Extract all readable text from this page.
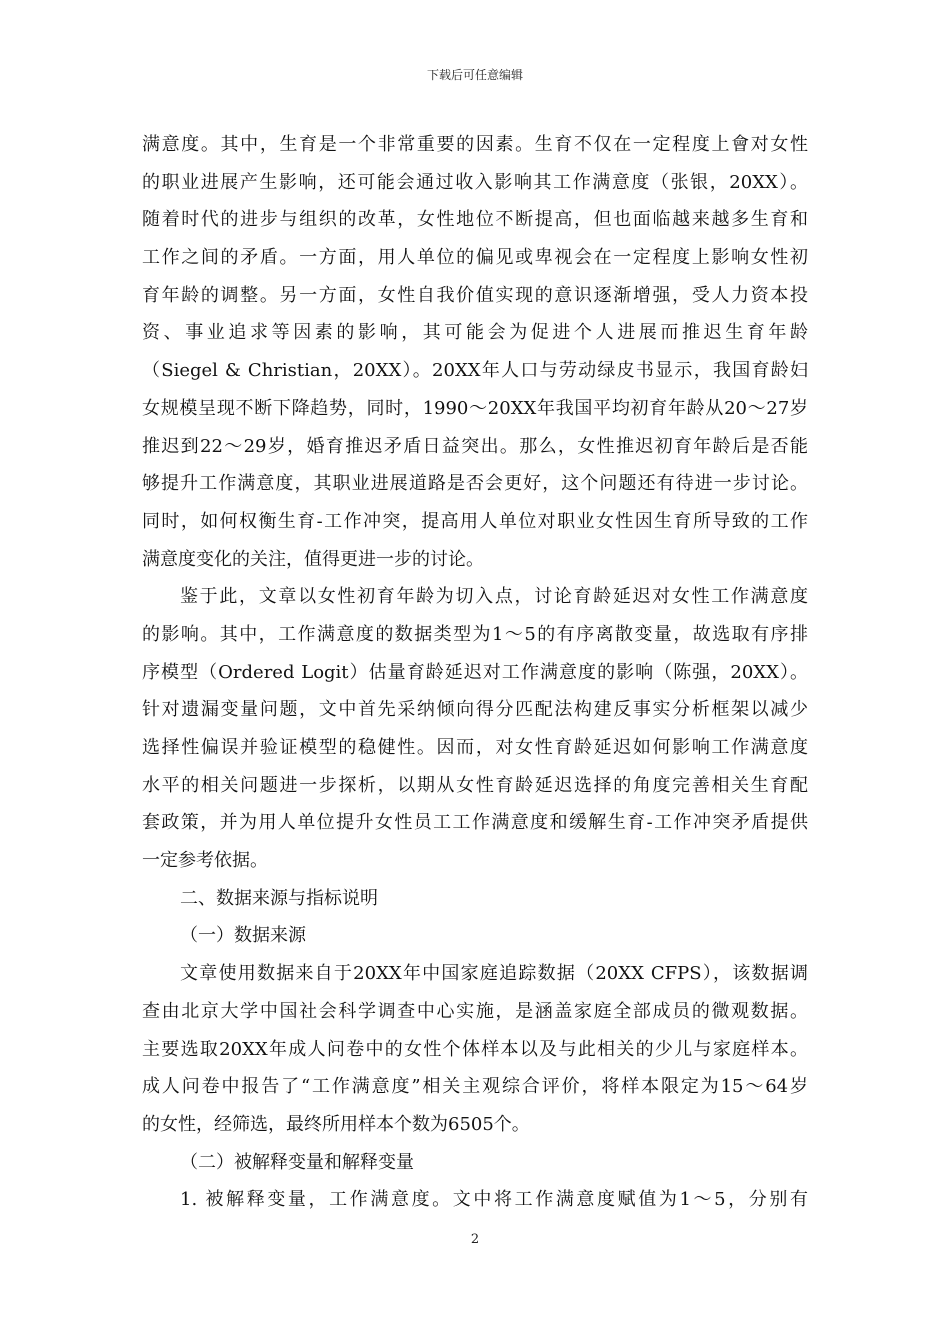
下载后可任意编辑
满意度。其中，生育是一个非常重要的因素。生育不仅在一定程度上會对女性
的职业进展产生影响，还可能会通过收入影响其工作满意度（张银，20XX）。
随着时代的进步与组织的改革，女性地位不断提高，但也面临越来越多生育和
工作之间的矛盾。一方面，用人单位的偏见或卑视会在一定程度上影响女性初
育年龄的调整。另一方面，女性自我价值实现的意识逐渐增强，受人力资本投
资、事业追求等因素的影响，其可能会为促进个人进展而推迟生育年龄
（Siegel & Christian，20XX）。20XX年人口与劳动绿皮书显示，我国育龄妇
女规模呈现不断下降趋势，同时，1990～20XX年我国平均初育年龄从20～27岁
推迟到22～29岁，婚育推迟矛盾日益突出。那么，女性推迟初育年龄后是否能
够提升工作满意度，其职业进展道路是否会更好，这个问题还有待进一步讨论。
同时，如何权衡生育-工作冲突，提高用人单位对职业女性因生育所导致的工作
满意度变化的关注，值得更进一步的讨论。
鉴于此，文章以女性初育年龄为切入点，讨论育龄延迟对女性工作满意度
的影响。其中，工作满意度的数据类型为1～5的有序离散变量，故选取有序排
序模型（Ordered Logit）估量育龄延迟对工作满意度的影响（陈强，20XX）。
针对遗漏变量问题，文中首先采纳倾向得分匹配法构建反事实分析框架以减少
选择性偏误并验证模型的稳健性。因而，对女性育龄延迟如何影响工作满意度
水平的相关问题进一步探析，以期从女性育龄延迟选择的角度完善相关生育配
套政策，并为用人单位提升女性员工工作满意度和缓解生育-工作冲突矛盾提供
一定参考依据。
二、数据来源与指标说明
（一）数据来源
文章使用数据来自于20XX年中国家庭追踪数据（20XX CFPS），该数据调
查由北京大学中国社会科学调查中心实施，是涵盖家庭全部成员的微观数据。
主要选取20XX年成人问卷中的女性个体样本以及与此相关的少儿与家庭样本。
成人问卷中报告了“工作满意度”相关主观综合评价，将样本限定为15～64岁
的女性，经筛选，最终所用样本个数为6505个。
（二）被解释变量和解释变量
1. 被解释变量，工作满意度。文中将工作满意度赋值为1～5，分别有
2
